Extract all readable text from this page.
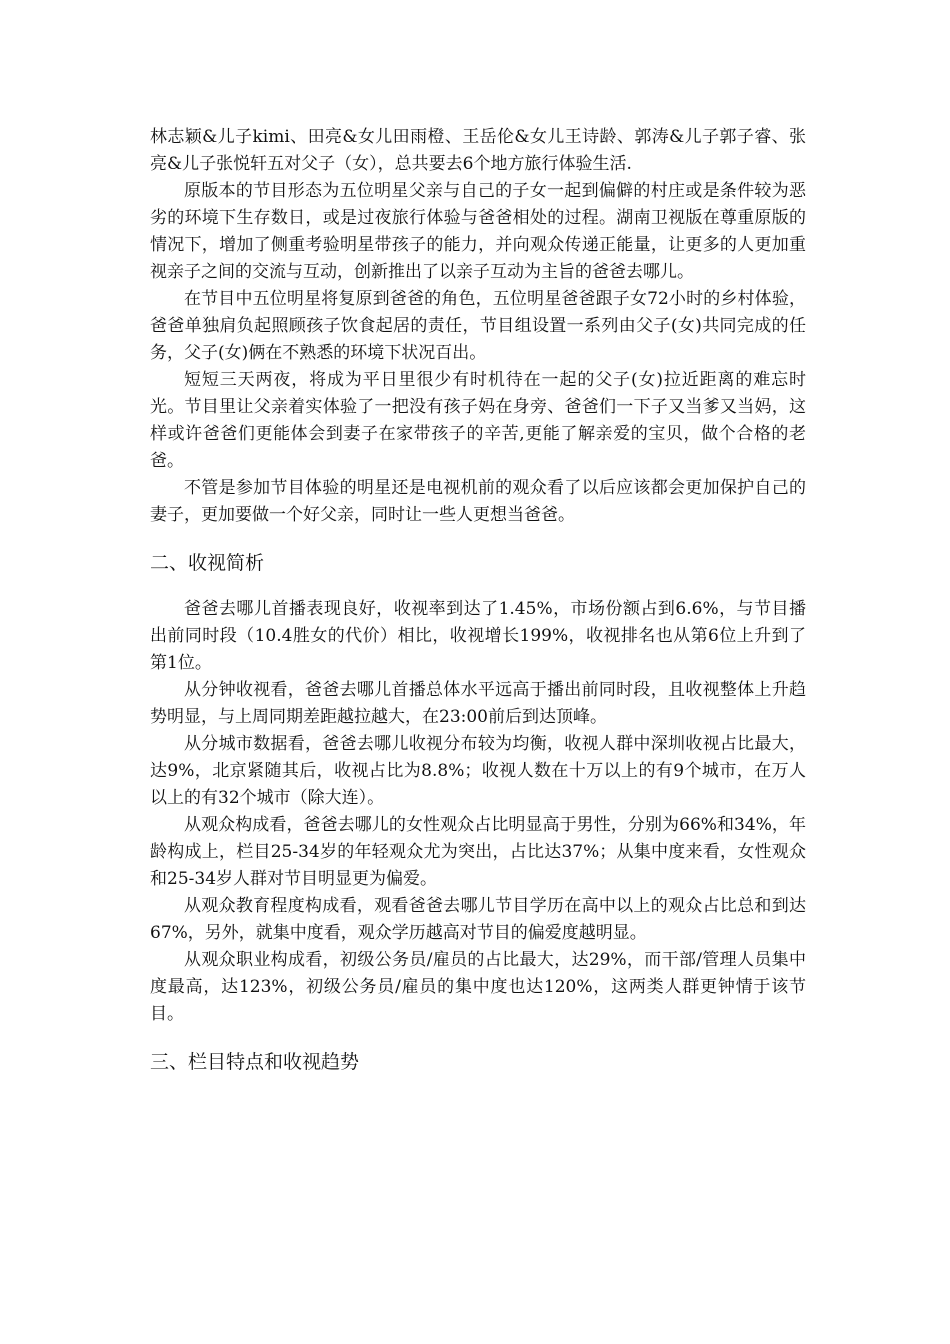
林志颖&儿子kimi、田亮&女儿田雨橙、王岳伦&女儿王诗龄、郭涛&儿子郭子睿、张亮&儿子张悦轩五对父子（女），总共要去6个地方旅行体验生活.

原版本的节目形态为五位明星父亲与自己的子女一起到偏僻的村庄或是条件较为恶劣的环境下生存数日，或是过夜旅行体验与爸爸相处的过程。湖南卫视版在尊重原版的情况下，增加了侧重考验明星带孩子的能力，并向观众传递正能量，让更多的人更加重视亲子之间的交流与互动，创新推出了以亲子互动为主旨的爸爸去哪儿。

在节目中五位明星将复原到爸爸的角色，五位明星爸爸跟子女72小时的乡村体验，爸爸单独肩负起照顾孩子饮食起居的责任，节目组设置一系列由父子(女)共同完成的任务，父子(女)俩在不熟悉的环境下状况百出。

短短三天两夜，将成为平日里很少有时机待在一起的父子(女)拉近距离的难忘时光。节目里让父亲着实体验了一把没有孩子妈在身旁、爸爸们一下子又当爹又当妈，这样或许爸爸们更能体会到妻子在家带孩子的辛苦,更能了解亲爱的宝贝，做个合格的老爸。

不管是参加节目体验的明星还是电视机前的观众看了以后应该都会更加保护自己的妻子，更加要做一个好父亲，同时让一些人更想当爸爸。

二、收视简析

爸爸去哪儿首播表现良好，收视率到达了1.45%，市场份额占到6.6%，与节目播出前同时段（10.4胜女的代价）相比，收视增长199%，收视排名也从第6位上升到了第1位。

从分钟收视看，爸爸去哪儿首播总体水平远高于播出前同时段，且收视整体上升趋势明显，与上周同期差距越拉越大，在23:00前后到达顶峰。

从分城市数据看，爸爸去哪儿收视分布较为均衡，收视人群中深圳收视占比最大，达9%，北京紧随其后，收视占比为8.8%；收视人数在十万以上的有9个城市，在万人以上的有32个城市（除大连）。

从观众构成看，爸爸去哪儿的女性观众占比明显高于男性，分别为66%和34%，年龄构成上，栏目25-34岁的年轻观众尤为突出，占比达37%；从集中度来看，女性观众和25-34岁人群对节目明显更为偏爱。

从观众教育程度构成看，观看爸爸去哪儿节目学历在高中以上的观众占比总和到达67%，另外，就集中度看，观众学历越高对节目的偏爱度越明显。

从观众职业构成看，初级公务员/雇员的占比最大，达29%，而干部/管理人员集中度最高，达123%，初级公务员/雇员的集中度也达120%，这两类人群更钟情于该节目。

三、栏目特点和收视趋势
